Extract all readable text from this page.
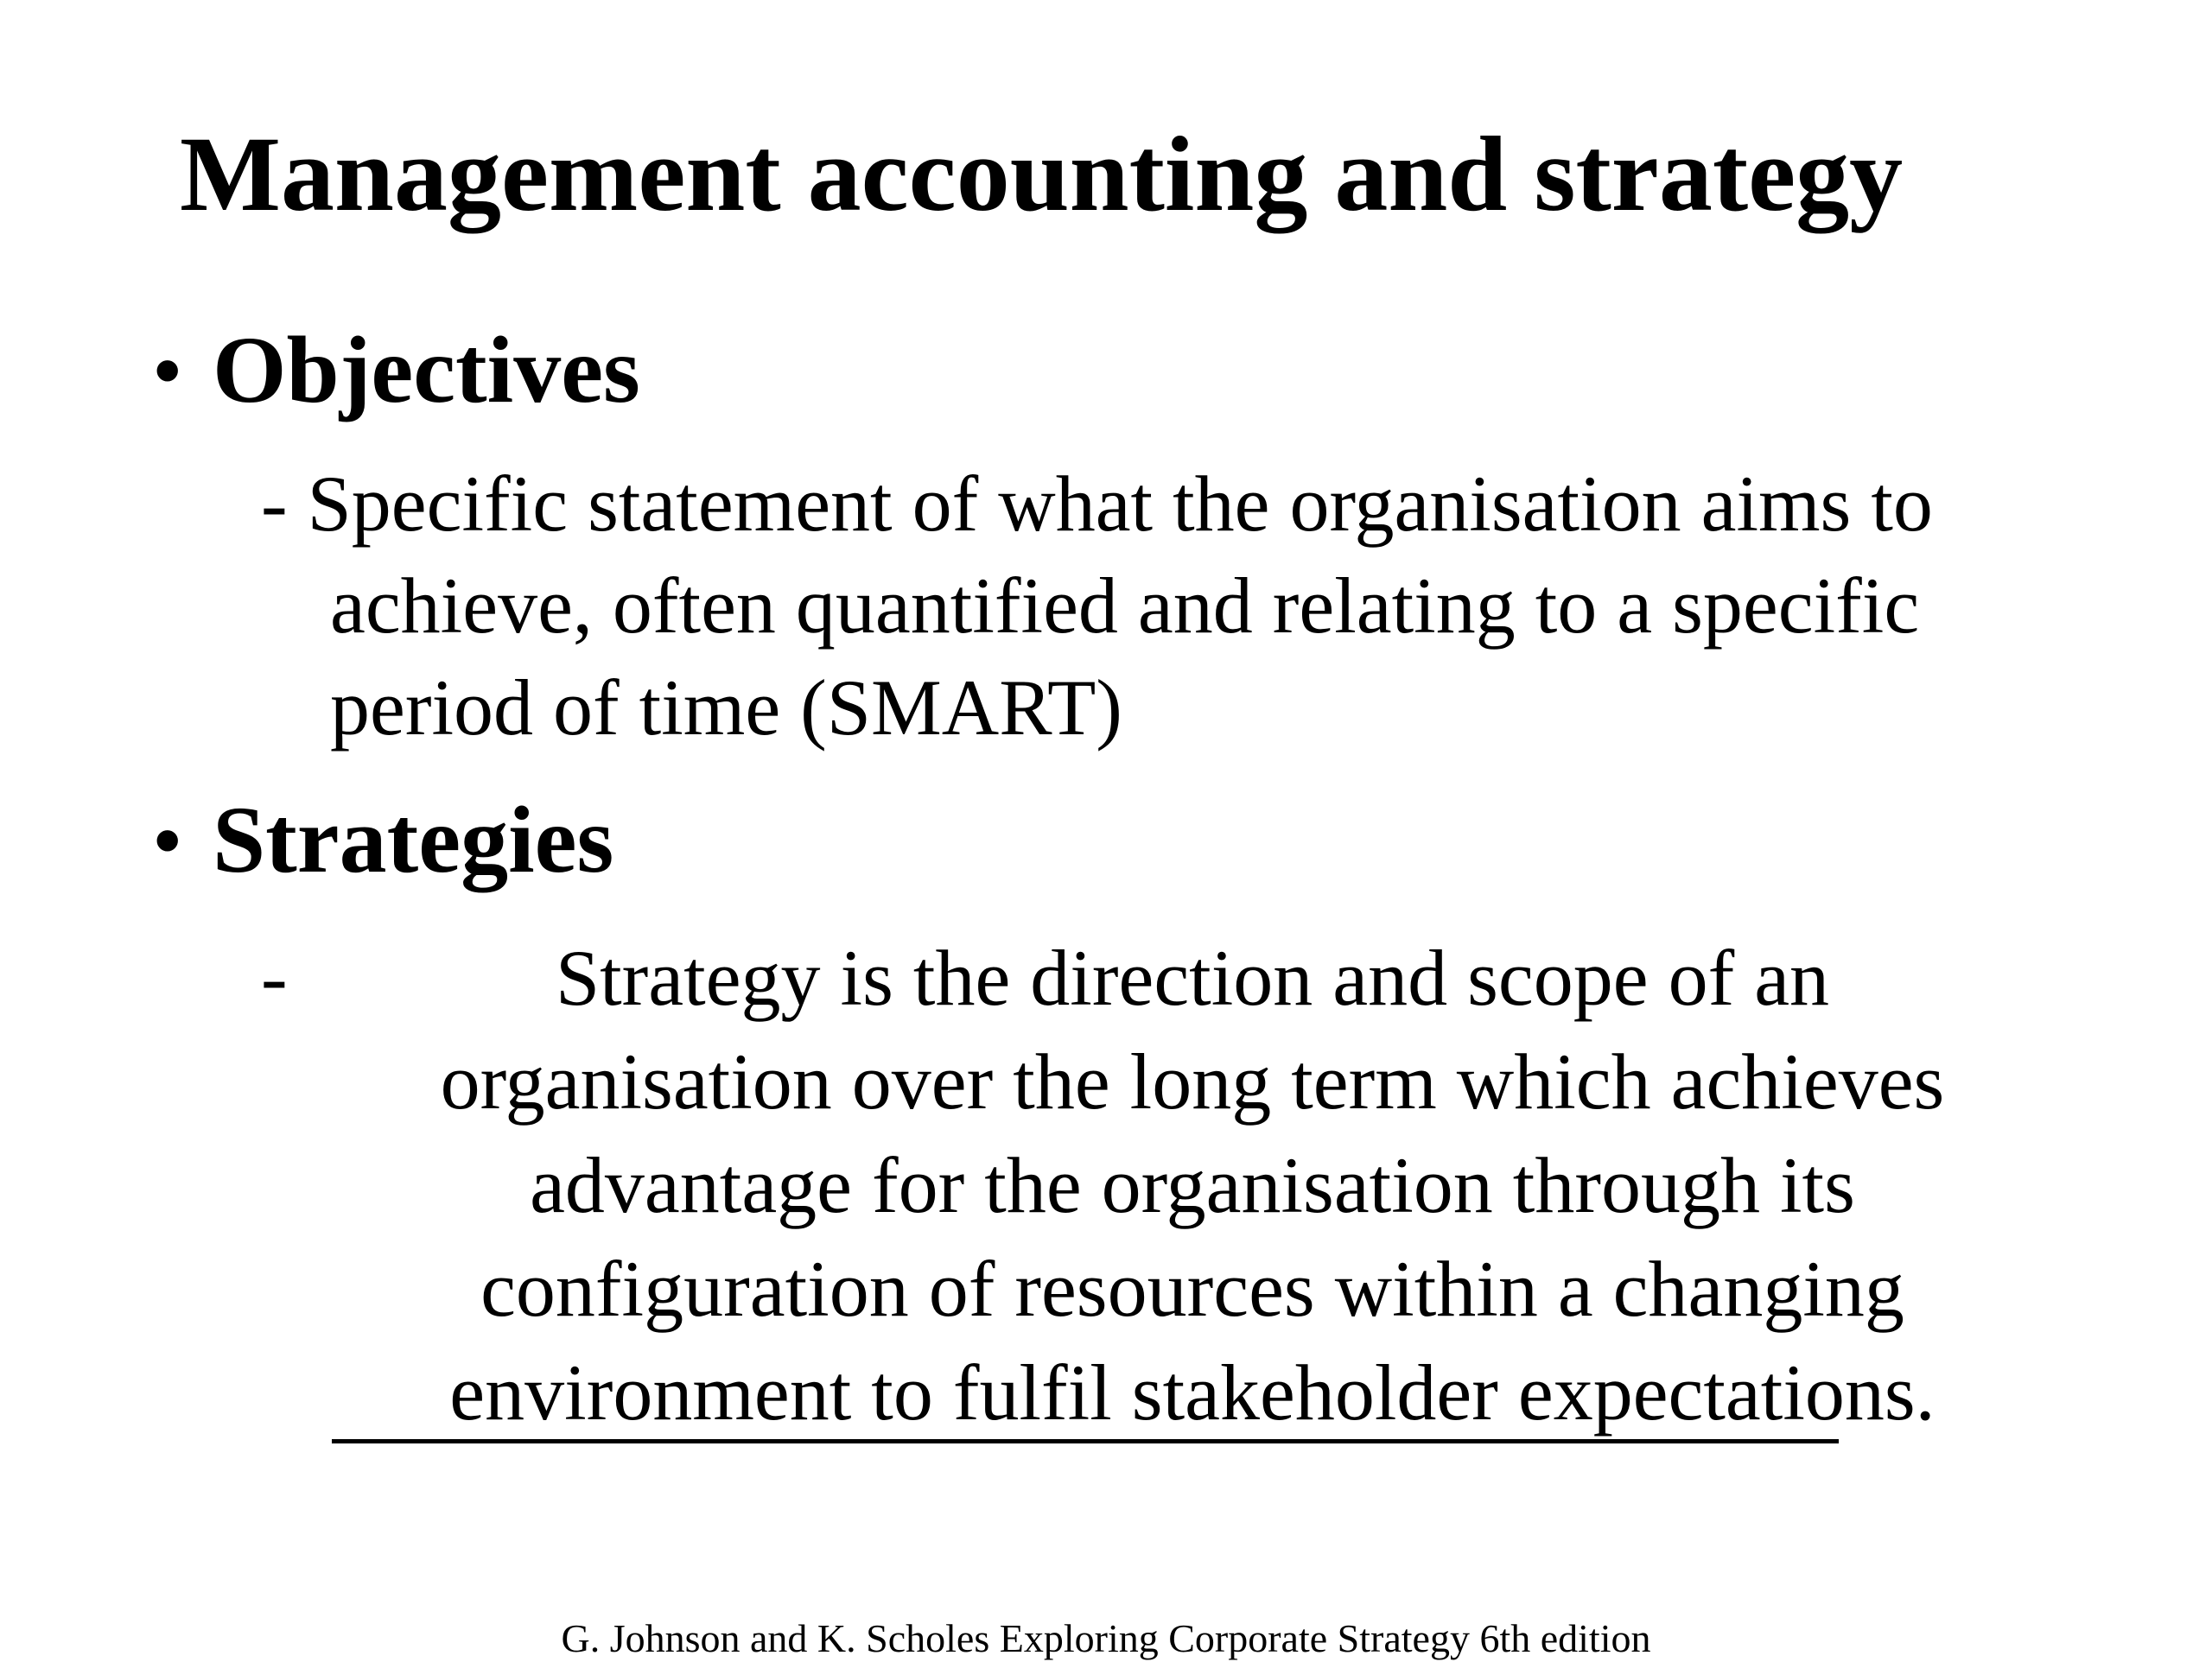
Management accounting and strategy
• Objectives
- Specific statement of what the organisation aims to
achieve, often quantified and relating to a specific
period of time (SMART)
• Strategies
-	Strategy is the direction and scope of an
organisation over the long term which achieves
advantage for the organisation through its
configuration of resources within a changing
environment to fulfil stakeholder expectations.
G. Johnson and K. Scholes Exploring Corporate Strategy 6th edition
